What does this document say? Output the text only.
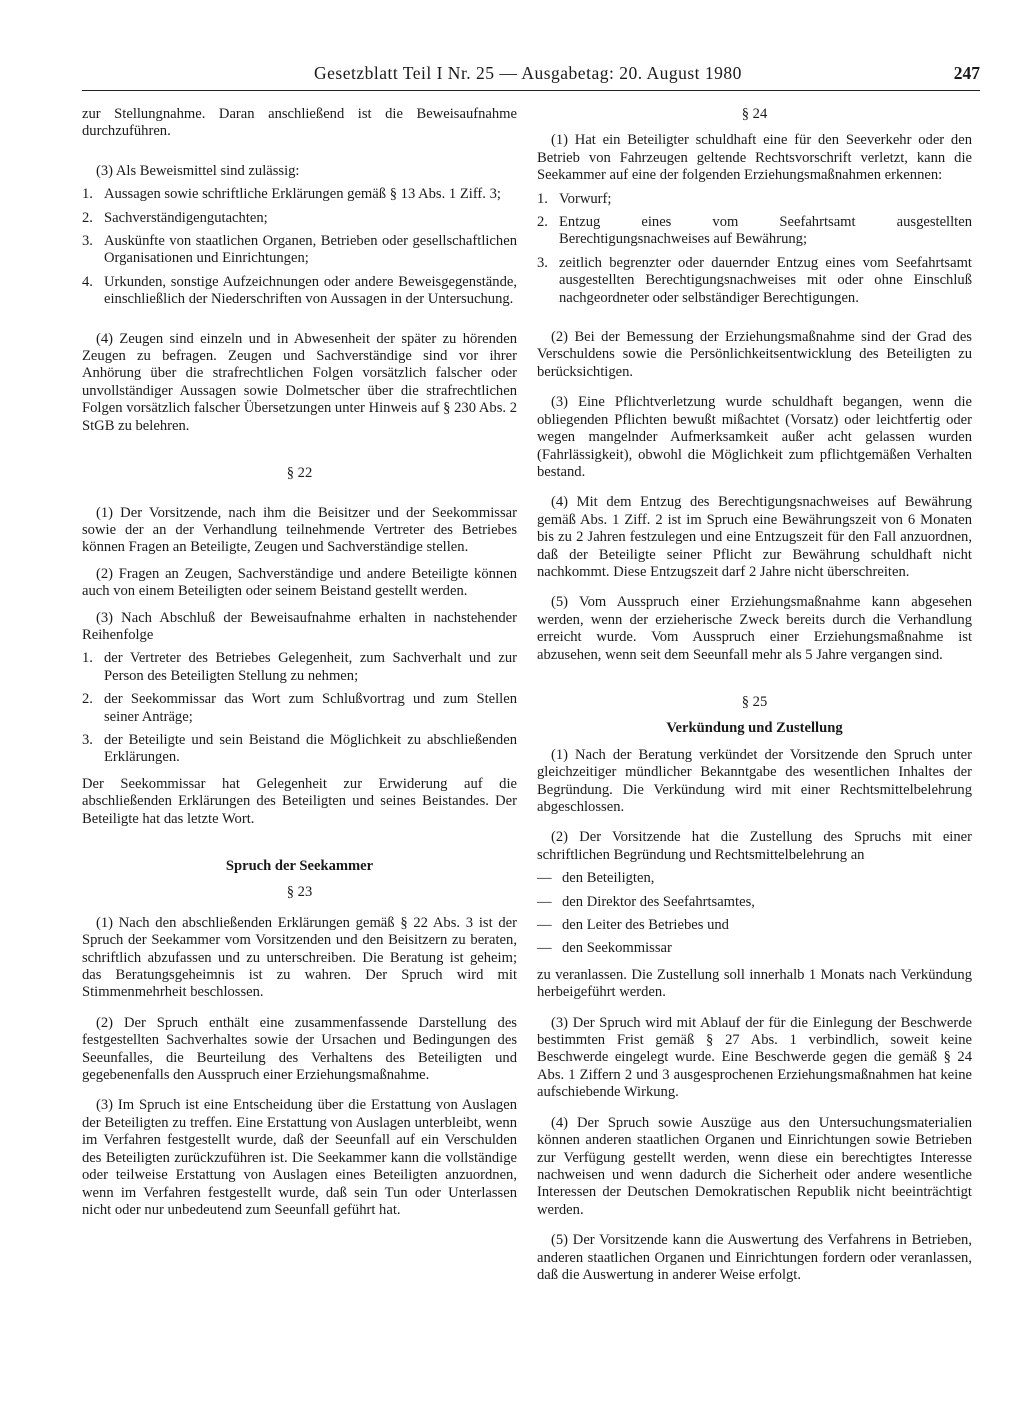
Gesetzblatt Teil I Nr. 25 — Ausgabetag: 20. August 1980	247

zur Stellungnahme. Daran anschließend ist die Beweisaufnahme durchzuführen.

(3) Als Beweismittel sind zulässig:

1. Aussagen sowie schriftliche Erklärungen gemäß § 13 Abs. 1 Ziff. 3;
2. Sachverständigengutachten;
3. Auskünfte von staatlichen Organen, Betrieben oder gesellschaftlichen Organisationen und Einrichtungen;
4. Urkunden, sonstige Aufzeichnungen oder andere Beweisgegenstände, einschließlich der Niederschriften von Aussagen in der Untersuchung.

(4) Zeugen sind einzeln und in Abwesenheit der später zu hörenden Zeugen zu befragen. Zeugen und Sachverständige sind vor ihrer Anhörung über die strafrechtlichen Folgen vorsätzlich falscher oder unvollständiger Aussagen sowie Dolmetscher über die strafrechtlichen Folgen vorsätzlich falscher Übersetzungen unter Hinweis auf § 230 Abs. 2 StGB zu belehren.

§ 22

(1) Der Vorsitzende, nach ihm die Beisitzer und der Seekommissar sowie der an der Verhandlung teilnehmende Vertreter des Betriebes können Fragen an Beteiligte, Zeugen und Sachverständige stellen.

(2) Fragen an Zeugen, Sachverständige und andere Beteiligte können auch von einem Beteiligten oder seinem Beistand gestellt werden.

(3) Nach Abschluß der Beweisaufnahme erhalten in nachstehender Reihenfolge

1. der Vertreter des Betriebes Gelegenheit, zum Sachverhalt und zur Person des Beteiligten Stellung zu nehmen;
2. der Seekommissar das Wort zum Schlußvortrag und zum Stellen seiner Anträge;
3. der Beteiligte und sein Beistand die Möglichkeit zu abschließenden Erklärungen.

Der Seekommissar hat Gelegenheit zur Erwiderung auf die abschließenden Erklärungen des Beteiligten und seines Beistandes. Der Beteiligte hat das letzte Wort.

Spruch der Seekammer

§ 23

(1) Nach den abschließenden Erklärungen gemäß § 22 Abs. 3 ist der Spruch der Seekammer vom Vorsitzenden und den Beisitzern zu beraten, schriftlich abzufassen und zu unterschreiben. Die Beratung ist geheim; das Beratungsgeheimnis ist zu wahren. Der Spruch wird mit Stimmenmehrheit beschlossen.

(2) Der Spruch enthält eine zusammenfassende Darstellung des festgestellten Sachverhaltes sowie der Ursachen und Bedingungen des Seeunfalles, die Beurteilung des Verhaltens des Beteiligten und gegebenenfalls den Ausspruch einer Erziehungsmaßnahme.

(3) Im Spruch ist eine Entscheidung über die Erstattung von Auslagen der Beteiligten zu treffen. Eine Erstattung von Auslagen unterbleibt, wenn im Verfahren festgestellt wurde, daß der Seeunfall auf ein Verschulden des Beteiligten zurückzuführen ist. Die Seekammer kann die vollständige oder teilweise Erstattung von Auslagen eines Beteiligten anzuordnen, wenn im Verfahren festgestellt wurde, daß sein Tun oder Unterlassen nicht oder nur unbedeutend zum Seeunfall geführt hat.

§ 24

(1) Hat ein Beteiligter schuldhaft eine für den Seeverkehr oder den Betrieb von Fahrzeugen geltende Rechtsvorschrift verletzt, kann die Seekammer auf eine der folgenden Erziehungsmaßnahmen erkennen:

1. Vorwurf;
2. Entzug eines vom Seefahrtsamt ausgestellten Berechtigungsnachweises auf Bewährung;
3. zeitlich begrenzter oder dauernder Entzug eines vom Seefahrtsamt ausgestellten Berechtigungsnachweises mit oder ohne Einschluß nachgeordneter oder selbständiger Berechtigungen.

(2) Bei der Bemessung der Erziehungsmaßnahme sind der Grad des Verschuldens sowie die Persönlichkeitsentwicklung des Beteiligten zu berücksichtigen.

(3) Eine Pflichtverletzung wurde schuldhaft begangen, wenn die obliegenden Pflichten bewußt mißachtet (Vorsatz) oder leichtfertig oder wegen mangelnder Aufmerksamkeit außer acht gelassen wurden (Fahrlässigkeit), obwohl die Möglichkeit zum pflichtgemäßen Verhalten bestand.

(4) Mit dem Entzug des Berechtigungsnachweises auf Bewährung gemäß Abs. 1 Ziff. 2 ist im Spruch eine Bewährungszeit von 6 Monaten bis zu 2 Jahren festzulegen und eine Entzugszeit für den Fall anzuordnen, daß der Beteiligte seiner Pflicht zur Bewährung schuldhaft nicht nachkommt. Diese Entzugszeit darf 2 Jahre nicht überschreiten.

(5) Vom Ausspruch einer Erziehungsmaßnahme kann abgesehen werden, wenn der erzieherische Zweck bereits durch die Verhandlung erreicht wurde. Vom Ausspruch einer Erziehungsmaßnahme ist abzusehen, wenn seit dem Seeunfall mehr als 5 Jahre vergangen sind.

§ 25

Verkündung und Zustellung

(1) Nach der Beratung verkündet der Vorsitzende den Spruch unter gleichzeitiger mündlicher Bekanntgabe des wesentlichen Inhaltes der Begründung. Die Verkündung wird mit einer Rechtsmittelbelehrung abgeschlossen.

(2) Der Vorsitzende hat die Zustellung des Spruchs mit einer schriftlichen Begründung und Rechtsmittelbelehrung an

— den Beteiligten,
— den Direktor des Seefahrtsamtes,
— den Leiter des Betriebes und
— den Seekommissar

zu veranlassen. Die Zustellung soll innerhalb 1 Monats nach Verkündung herbeigeführt werden.

(3) Der Spruch wird mit Ablauf der für die Einlegung der Beschwerde bestimmten Frist gemäß § 27 Abs. 1 verbindlich, soweit keine Beschwerde eingelegt wurde. Eine Beschwerde gegen die gemäß § 24 Abs. 1 Ziffern 2 und 3 ausgesprochenen Erziehungsmaßnahmen hat keine aufschiebende Wirkung.

(4) Der Spruch sowie Auszüge aus den Untersuchungsmaterialien können anderen staatlichen Organen und Einrichtungen sowie Betrieben zur Verfügung gestellt werden, wenn diese ein berechtigtes Interesse nachweisen und wenn dadurch die Sicherheit oder andere wesentliche Interessen der Deutschen Demokratischen Republik nicht beeinträchtigt werden.

(5) Der Vorsitzende kann die Auswertung des Verfahrens in Betrieben, anderen staatlichen Organen und Einrichtungen fordern oder veranlassen, daß die Auswertung in anderer Weise erfolgt.
